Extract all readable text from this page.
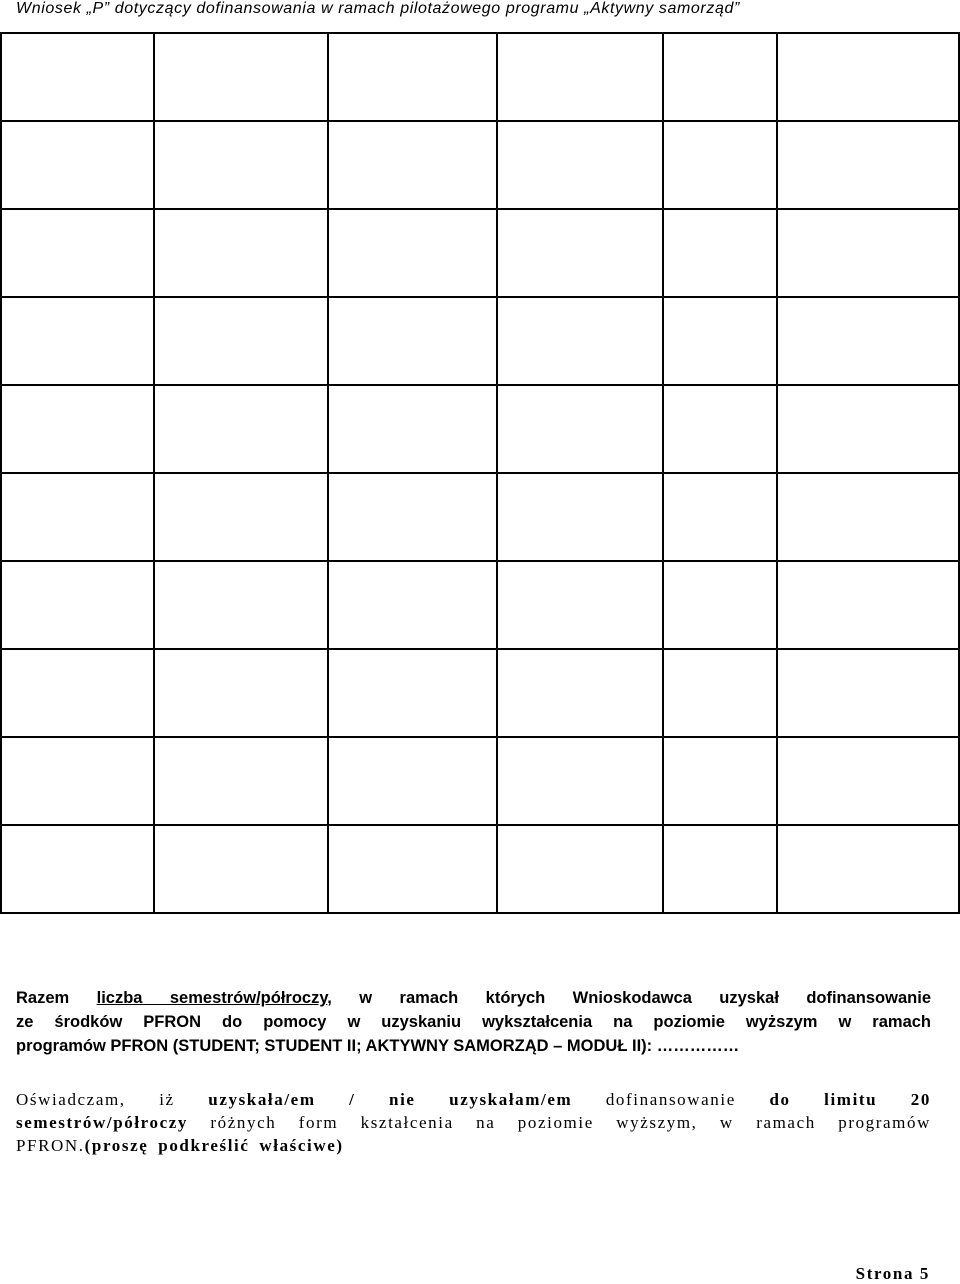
Wniosek „P” dotyczący dofinansowania w ramach pilotażowego programu „Aktywny samorząd”

Razem liczba semestrów/półroczy, w ramach których Wnioskodawca uzyskał dofinansowanie
ze środków PFRON do pomocy w uzyskaniu wykształcenia na poziomie wyższym w ramach
programów PFRON (STUDENT; STUDENT II; AKTYWNY SAMORZĄD – MODUŁ II): ……………
Oświadczam, iż uzyskała/em / nie uzyskałam/em dofinansowanie do limitu 20
semestrów/półroczy różnych form kształcenia na poziomie wyższym, w ramach programów
PFRON.(proszę podkreślić właściwe)
Strona 5
